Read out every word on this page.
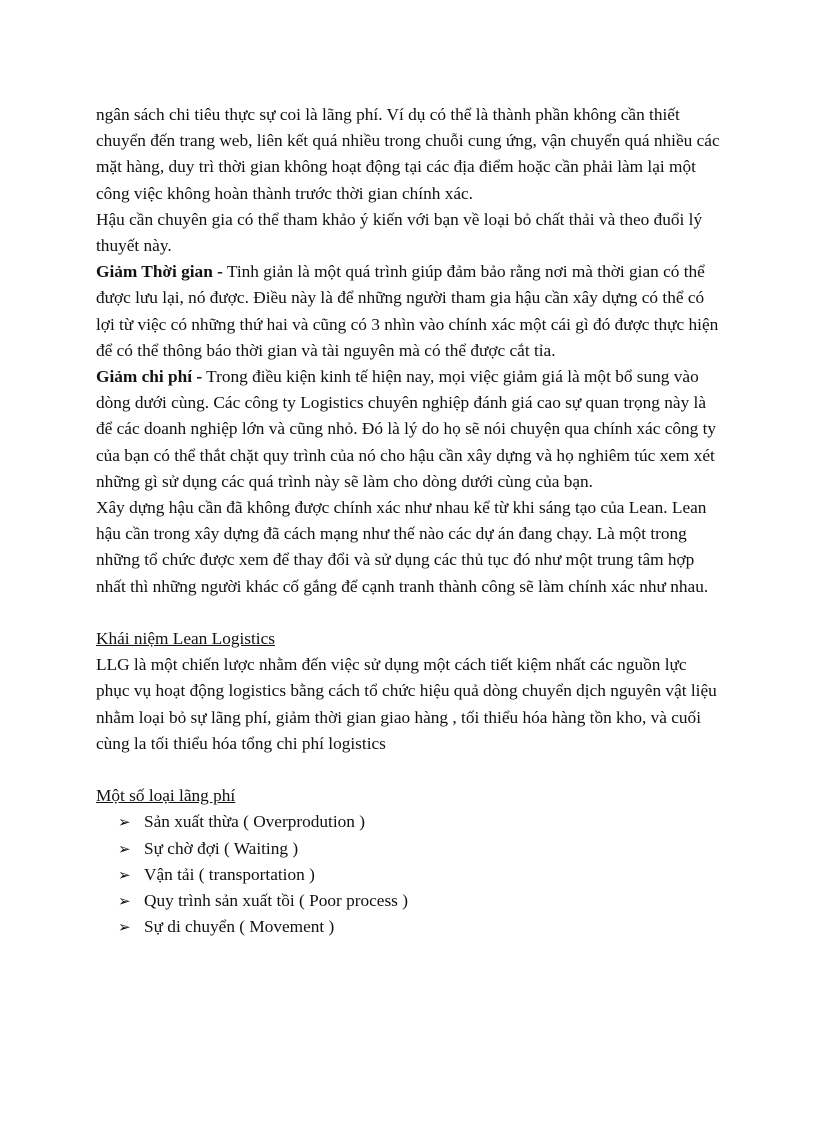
ngân sách chi tiêu thực sự coi là lãng phí. Ví dụ có thể là thành phần không cần thiết chuyển đến trang web, liên kết quá nhiều trong chuỗi cung ứng, vận chuyển quá nhiều các mặt hàng, duy trì thời gian không hoạt động tại các địa điểm hoặc cần phải làm lại một công việc không hoàn thành trước thời gian chính xác.

Hậu cần chuyên gia có thể tham khảo ý kiến với bạn về loại bỏ chất thải và theo đuổi lý thuyết này.

Giảm Thời gian - Tinh giản là một quá trình giúp đảm bảo rằng nơi mà thời gian có thể được lưu lại, nó được. Điều này là để những người tham gia hậu cần xây dựng có thể có lợi từ việc có những thứ hai và cũng có 3 nhìn vào chính xác một cái gì đó được thực hiện để có thể thông báo thời gian và tài nguyên mà có thể được cắt tỉa.

Giảm chi phí - Trong điều kiện kinh tế hiện nay, mọi việc giảm giá là một bổ sung vào dòng dưới cùng. Các công ty Logistics chuyên nghiệp đánh giá cao sự quan trọng này là để các doanh nghiệp lớn và cũng nhỏ. Đó là lý do họ sẽ nói chuyện qua chính xác công ty của bạn có thể thắt chặt quy trình của nó cho hậu cần xây dựng và họ nghiêm túc xem xét những gì sử dụng các quá trình này sẽ làm cho dòng dưới cùng của bạn.

Xây dựng hậu cần đã không được chính xác như nhau kể từ khi sáng tạo của Lean. Lean hậu cần trong xây dựng đã cách mạng như thế nào các dự án đang chạy. Là một trong những tổ chức được xem để thay đổi và sử dụng các thủ tục đó như một trung tâm hợp nhất thì những người khác cố gắng để cạnh tranh thành công sẽ làm chính xác như nhau.

Khái niệm Lean Logistics

LLG là một chiến lược nhằm đến việc sử dụng một cách tiết kiệm nhất các nguồn lực phục vụ hoạt động logistics bằng cách tổ chức hiệu quả dòng chuyển dịch nguyên vật liệu nhằm loại bỏ sự lãng phí, giảm thời gian giao hàng , tối thiểu hóa hàng tồn kho, và cuối cùng la tối thiểu hóa tổng chi phí logistics

Một số loại lãng phí

➢ Sản xuất thừa ( Overprodution )
➢ Sự chờ đợi ( Waiting )
➢ Vận tải ( transportation )
➢ Quy trình sản xuất tồi ( Poor process )
➢ Sự di chuyển ( Movement )
